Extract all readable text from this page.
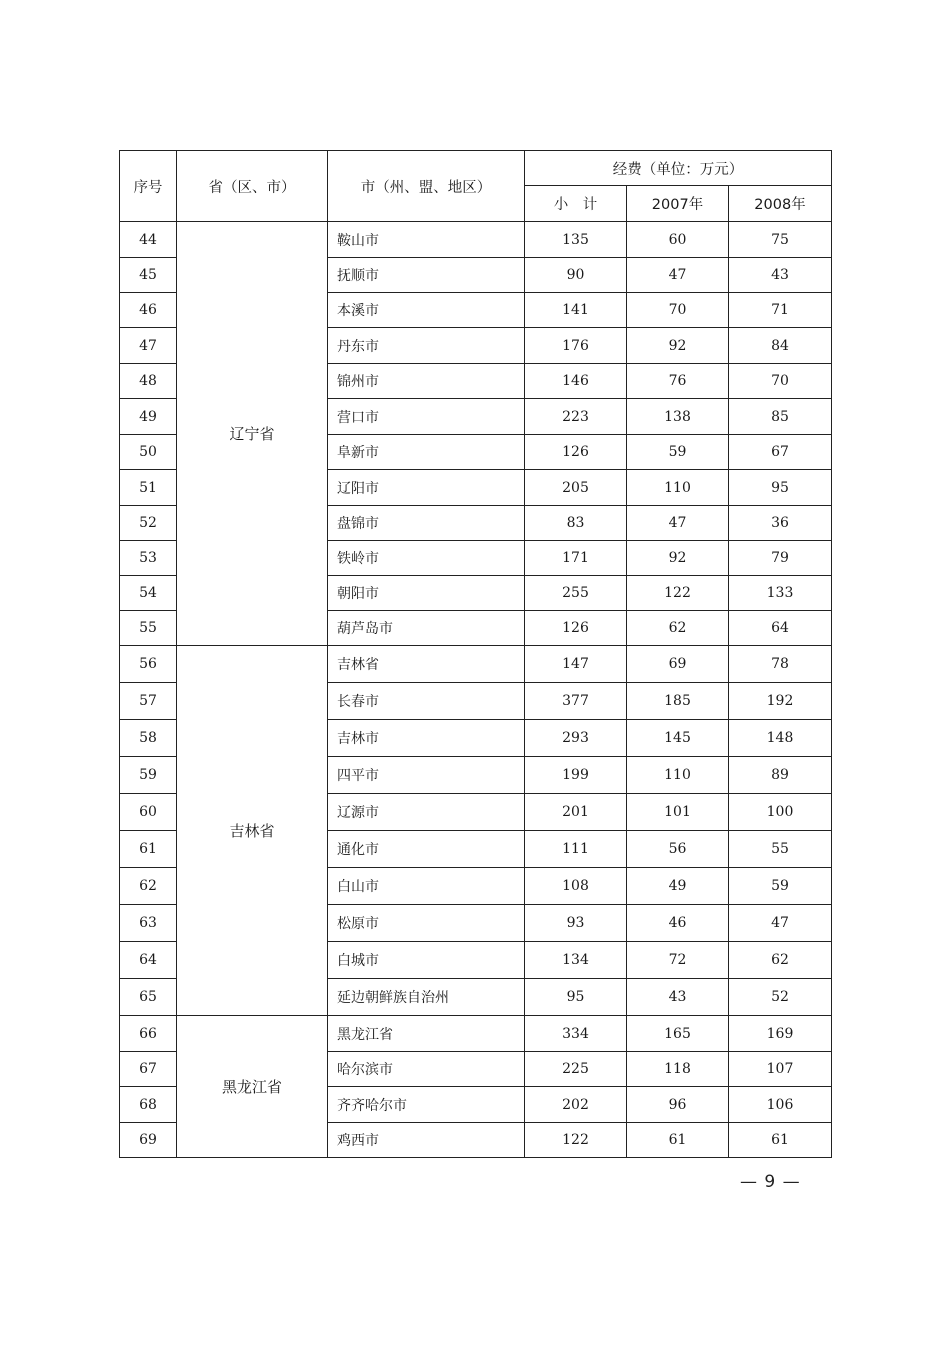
序号	省（区、市）	市（州、盟、地区）	经费（单位：万元）		
			小　计	2007年	2008年
44	辽宁省	鞍山市	135	60	75
45		抚顺市	90	47	43
46		本溪市	141	70	71
47		丹东市	176	92	84
48		锦州市	146	76	70
49		营口市	223	138	85
50		阜新市	126	59	67
51		辽阳市	205	110	95
52		盘锦市	83	47	36
53		铁岭市	171	92	79
54		朝阳市	255	122	133
55		葫芦岛市	126	62	64
56	吉林省	吉林省	147	69	78
57		长春市	377	185	192
58		吉林市	293	145	148
59		四平市	199	110	89
60		辽源市	201	101	100
61		通化市	111	56	55
62		白山市	108	49	59
63		松原市	93	46	47
64		白城市	134	72	62
65		延边朝鲜族自治州	95	43	52
66	黑龙江省	黑龙江省	334	165	169
67		哈尔滨市	225	118	107
68		齐齐哈尔市	202	96	106
69		鸡西市	122	61	61
— 9 —
